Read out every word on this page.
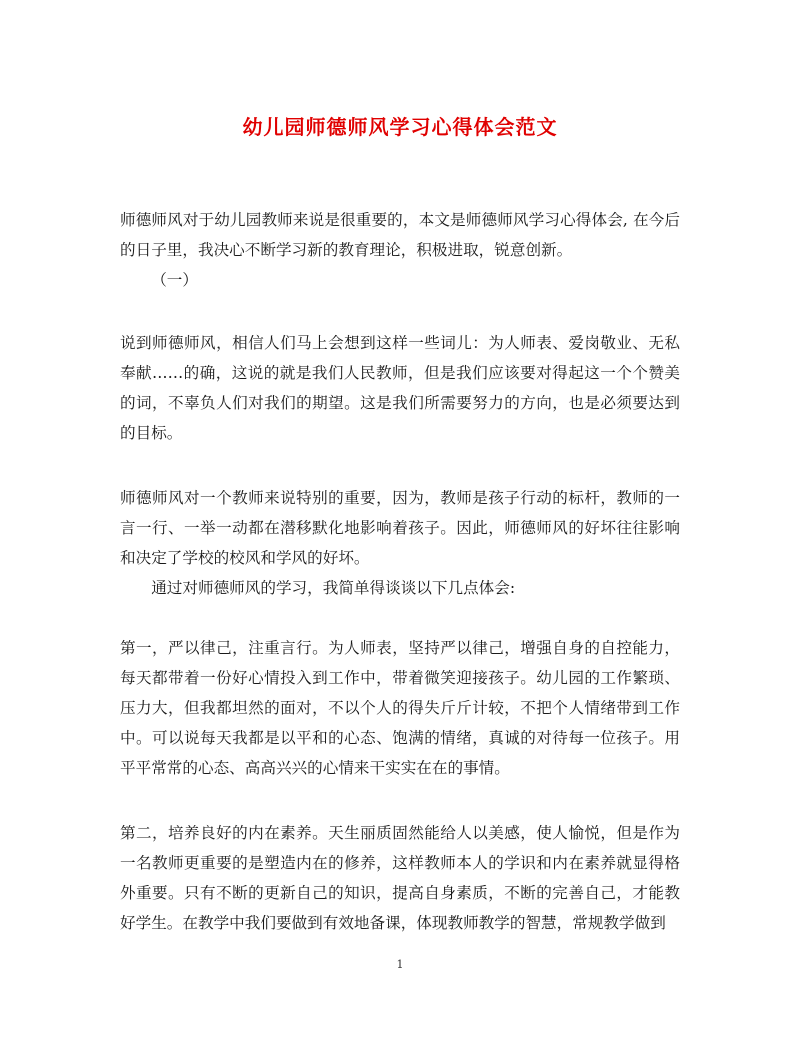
幼儿园师德师风学习心得体会范文

师德师风对于幼儿园教师来说是很重要的，本文是师德师风学习心得体会, 在今后的日子里，我决心不断学习新的教育理论，积极进取，锐意创新。

（一）

说到师德师风，相信人们马上会想到这样一些词儿：为人师表、爱岗敬业、无私奉献……的确，这说的就是我们人民教师，但是我们应该要对得起这一个个赞美的词，不辜负人们对我们的期望。这是我们所需要努力的方向，也是必须要达到的目标。

师德师风对一个教师来说特别的重要，因为，教师是孩子行动的标杆，教师的一言一行、一举一动都在潜移默化地影响着孩子。因此，师德师风的好坏往往影响和决定了学校的校风和学风的好坏。

通过对师德师风的学习，我简单得谈谈以下几点体会:

第一，严以律己，注重言行。为人师表，坚持严以律己，增强自身的自控能力，每天都带着一份好心情投入到工作中，带着微笑迎接孩子。幼儿园的工作繁琐、压力大，但我都坦然的面对，不以个人的得失斤斤计较，不把个人情绪带到工作中。可以说每天我都是以平和的心态、饱满的情绪，真诚的对待每一位孩子。用平平常常的心态、高高兴兴的心情来干实实在在的事情。

第二，培养良好的内在素养。天生丽质固然能给人以美感，使人愉悦，但是作为一名教师更重要的是塑造内在的修养，这样教师本人的学识和内在素养就显得格外重要。只有不断的更新自己的知识，提高自身素质，不断的完善自己，才能教好学生。在教学中我们要做到有效地备课，体现教师教学的智慧，常规教学做到

1
